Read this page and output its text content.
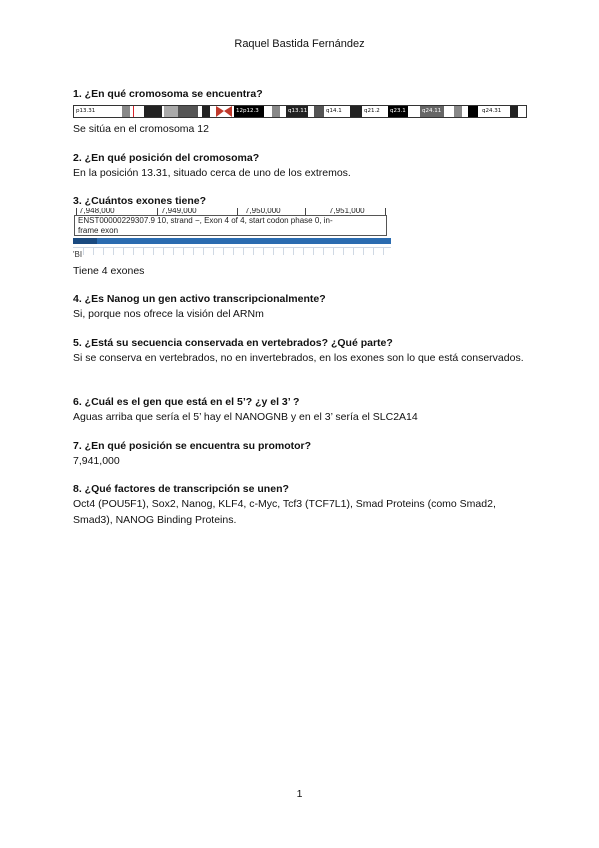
Raquel Bastida Fernández
1. ¿En qué cromosoma se encuentra?
p13.31	12p12.3	q13.11	q14.1	q21.2 q23.1	q24.11	q24.31
Se sitúa en el cromosoma 12
2. ¿En qué posición del cromosoma?
En la posición 13.31, situado cerca de uno de los extremos.
3. ¿Cuántos exones tiene?
7,948,000	7,949,000	7,950,000	7,951,000
ENST00000229307.9 10, strand −, Exon 4 of 4, start codon phase 0, in-
frame exon
'BI
Tiene 4 exones
4. ¿Es Nanog un gen activo transcripcionalmente?
Si, porque nos ofrece la visión del ARNm
5. ¿Está su secuencia conservada en vertebrados? ¿Qué parte?
Si se conserva en vertebrados, no en invertebrados, en los exones son lo que está conservados.
6. ¿Cuál es el gen que está en el 5’? ¿y el 3’ ?
Aguas arriba que sería el 5’ hay el NANOGNB y en el 3’ sería el SLC2A14
7. ¿En qué posición se encuentra su promotor?
7,941,000
8. ¿Qué factores de transcripción se unen?
Oct4 (POU5F1), Sox2, Nanog, KLF4, c-Myc, Tcf3 (TCF7L1), Smad Proteins (como Smad2, Smad3), NANOG Binding Proteins.
1
